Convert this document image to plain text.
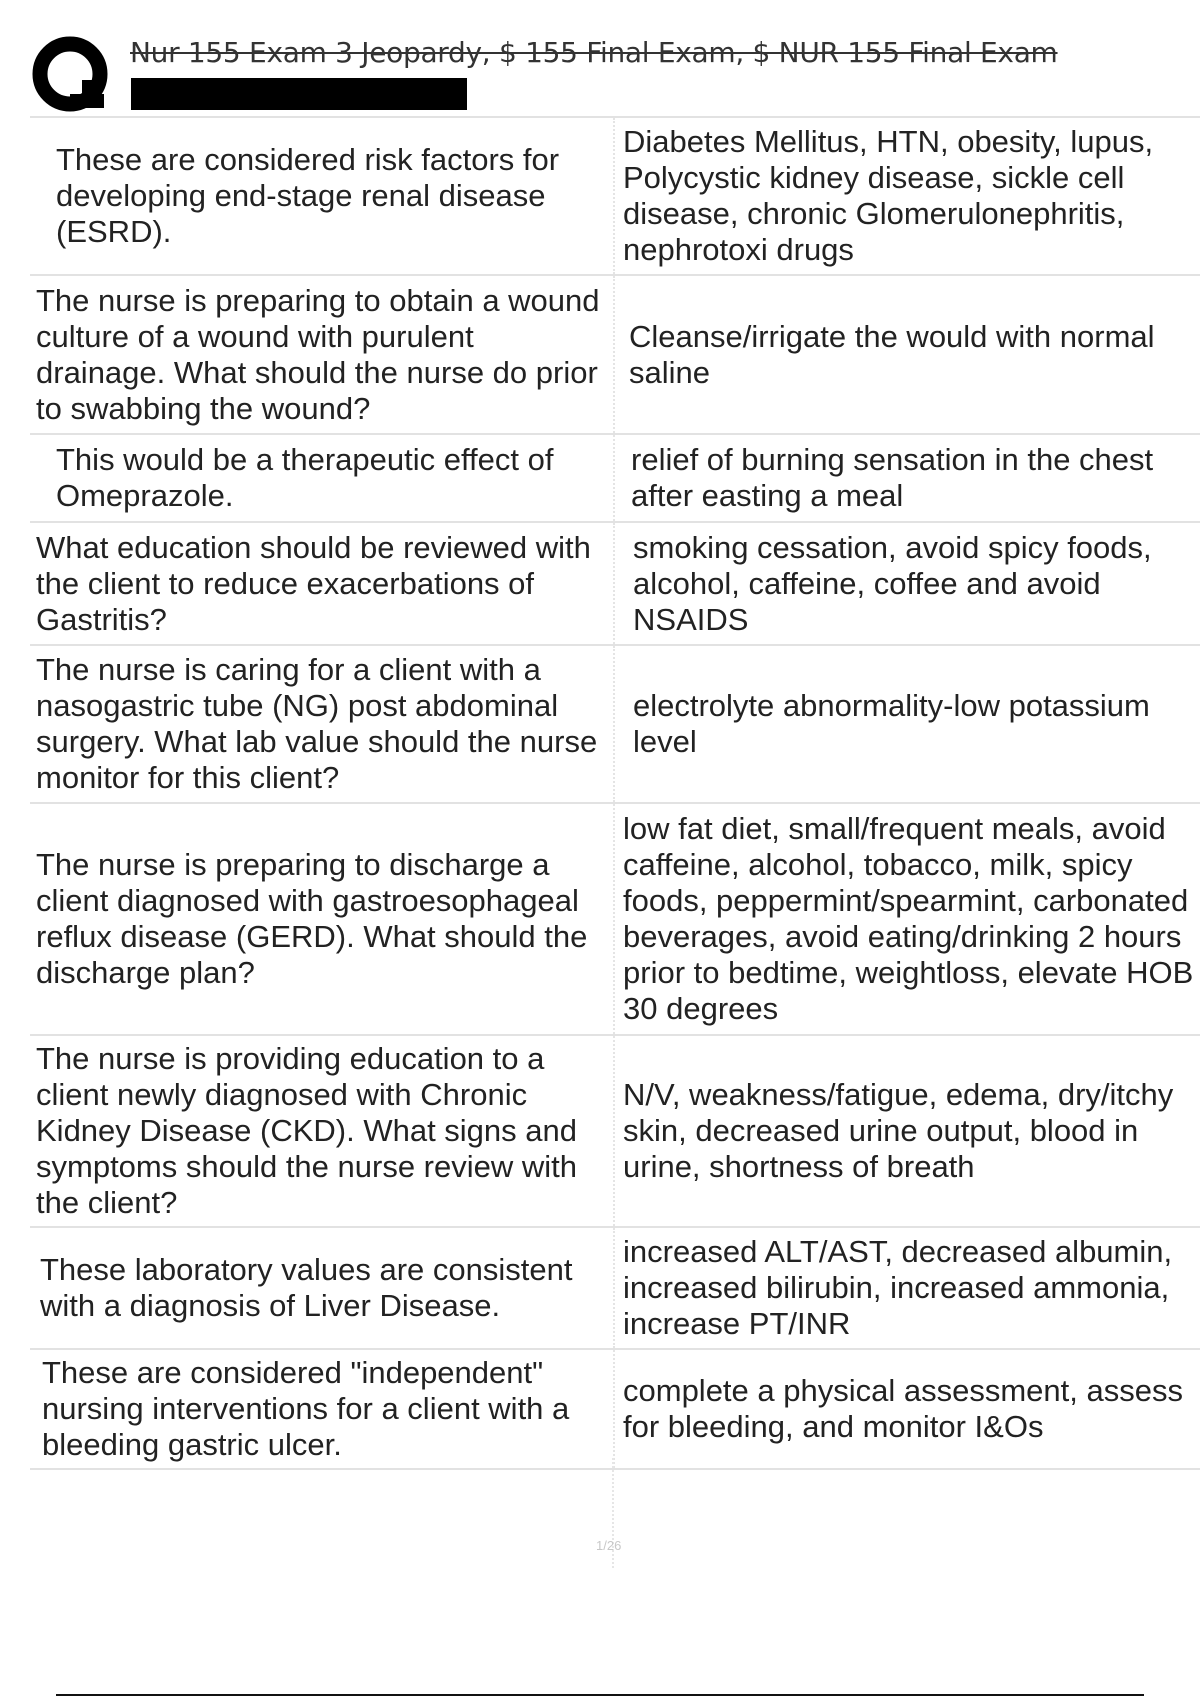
Nur 155 Exam 3 Jeopardy, $ 155 Final Exam, $ NUR 155 Final Exam
These are considered risk factors for developing end-stage renal disease (ESRD).
Diabetes Mellitus, HTN, obesity, lupus, Polycystic kidney disease, sickle cell disease, chronic Glomerulonephritis, nephrotoxi drugs
The nurse is preparing to obtain a wound culture of a wound with purulent drainage. What should the nurse do prior to swabbing the wound?
Cleanse/irrigate the would with normal saline
This would be a therapeutic effect of Omeprazole.
relief of burning sensation in the chest after easting a meal
What education should be reviewed with the client to reduce exacerbations of Gastritis?
smoking cessation, avoid spicy foods, alcohol, caffeine, coffee and avoid NSAIDS
The nurse is caring for a client with a nasogastric tube (NG) post abdominal surgery. What lab value should the nurse monitor for this client?
electrolyte abnormality-low potassium level
The nurse is preparing to discharge a client diagnosed with gastroesophageal reflux disease (GERD). What should the discharge plan?
low fat diet, small/frequent meals, avoid caffeine, alcohol, tobacco, milk, spicy foods, peppermint/spearmint, carbonated beverages, avoid eating/drinking 2 hours prior to bedtime, weightloss, elevate HOB 30 degrees
The nurse is providing education to a client newly diagnosed with Chronic Kidney Disease (CKD). What signs and symptoms should the nurse review with the client?
N/V, weakness/fatigue, edema, dry/itchy skin, decreased urine output, blood in urine, shortness of breath
These laboratory values are consistent with a diagnosis of Liver Disease.
increased ALT/AST, decreased albumin, increased bilirubin, increased ammonia, increase PT/INR
These are considered "independent" nursing interventions for a client with a bleeding gastric ulcer.
complete a physical assessment, assess for bleeding, and monitor I&Os
1/26
